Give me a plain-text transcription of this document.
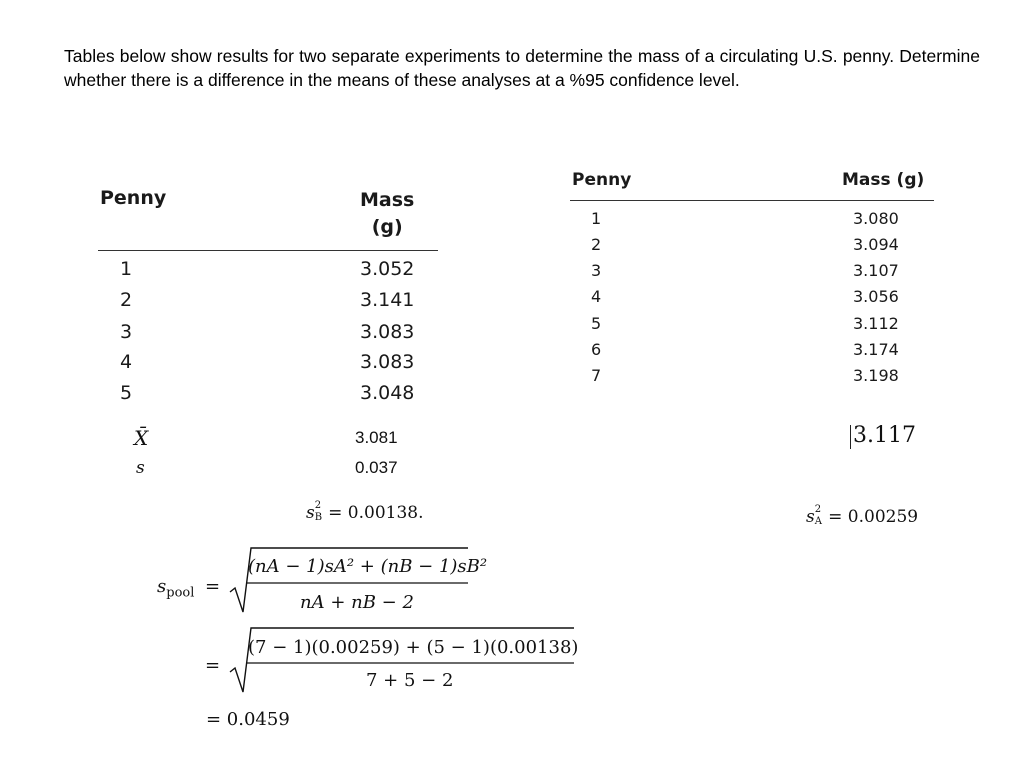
Tables below show results for two separate experiments to determine the mass of a circulating U.S. penny. Determine whether there is a difference in the means of these analyses at a %95 confidence level.
Penny	Mass
(g)
1	3.052
2	3.141
3	3.083
4	3.083
5	3.048
X̄	3.081
s	0.037
s 2
B = 0.00138.
Penny	Mass (g)
1	3.080
2	3.094
3	3.107
4	3.056
5	3.112
6	3.174
7	3.198
3.117
s 2
A = 0.00259
$s_{pool}$ =
(nA − 1)sA² + (nB − 1)sB²
nA + nB − 2
=
(7 − 1)(0.00259) + (5 − 1)(0.00138)
7 + 5 − 2
= 0.0459
